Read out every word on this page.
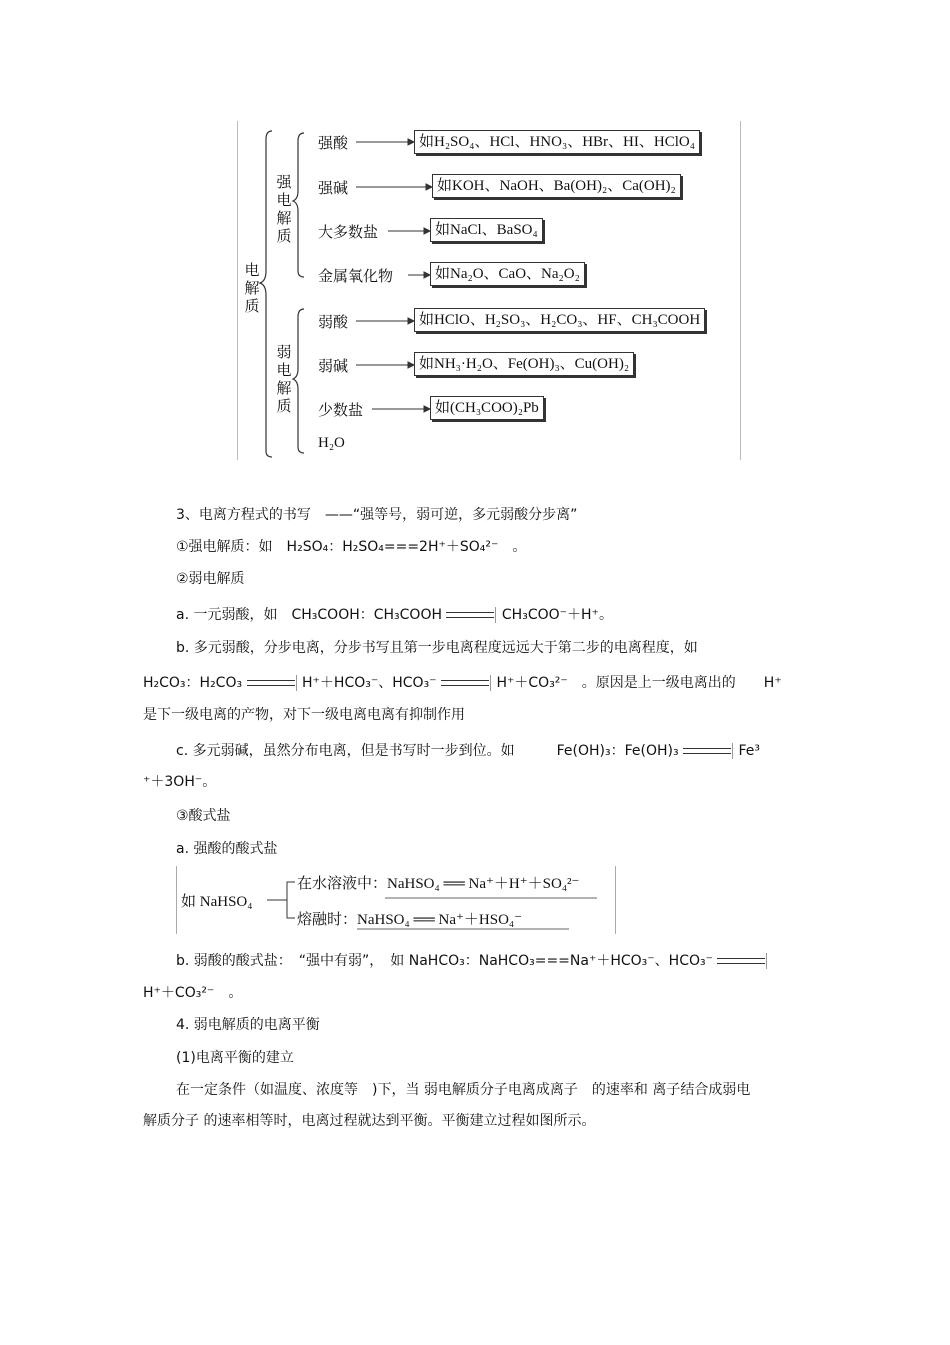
电解质
强电解质
弱电解质
强酸	如H₂SO₄、HCl、HNO₃、HBr、HI、HClO₄
强碱	如KOH、NaOH、Ba(OH)₂、Ca(OH)₂
大多数盐	如NaCl、BaSO₄
金属氧化物	如Na₂O、CaO、Na₂O₂
弱酸	如HClO、H₂SO₃、H₂CO₃、HF、CH₃COOH
弱碱	如NH₃·H₂O、Fe(OH)₃、Cu(OH)₂
少数盐	如(CH₃COO)₂Pb
H₂O
3、电离方程式的书写　——“强等号，弱可逆，多元弱酸分步离”
①强电解质：如　H₂SO₄：H₂SO₄===2H⁺＋SO₄²⁻　。
②弱电解质
a. 一元弱酸，如　CH₃COOH：CH₃COOH	CH₃COO⁻＋H⁺。
b. 多元弱酸，分步电离，分步书写且第一步电离程度远远大于第二步的电离程度，如
H₂CO₃：H₂CO₃	H⁺＋HCO₃⁻、HCO₃⁻	H⁺＋CO₃²⁻　。原因是上一级电离出的　　H⁺
是下一级电离的产物，对下一级电离电离有抑制作用
c. 多元弱碱，虽然分布电离，但是书写时一步到位。如　　　Fe(OH)₃：Fe(OH)₃	Fe³
⁺＋3OH⁻。
③酸式盐
a. 强酸的酸式盐
如 NaHSO₄
在水溶液中：NaHSO₄ ══ Na⁺＋H⁺＋SO₄²⁻
熔融时：NaHSO₄ ══ Na⁺＋HSO₄⁻
b. 弱酸的酸式盐：　“强中有弱”，　如 NaHCO₃：NaHCO₃===Na⁺＋HCO₃⁻、HCO₃⁻
H⁺＋CO₃²⁻　。
4. 弱电解质的电离平衡
(1)电离平衡的建立
在一定条件（如温度、浓度等　)下，当 弱电解质分子电离成离子　的速率和 离子结合成弱电
解质分子 的速率相等时，电离过程就达到平衡。平衡建立过程如图所示。
